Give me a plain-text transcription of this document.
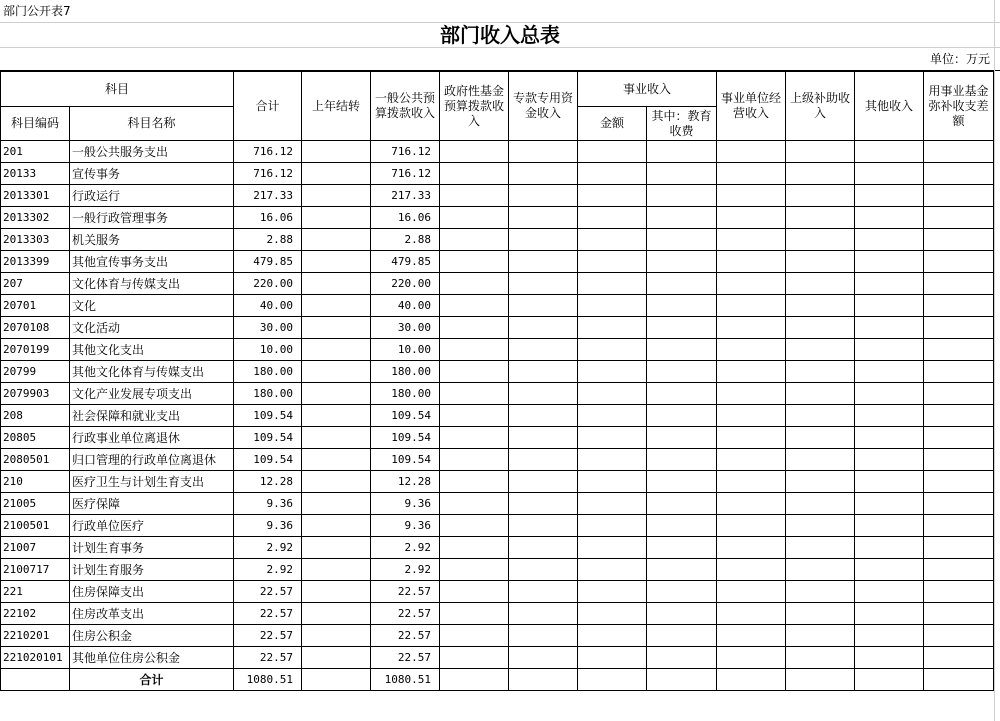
部门公开表7
部门收入总表
单位：万元
科目		合计	上年结转	一般公共预算拨款收入	政府性基金预算拨款收入	专款专用资金收入	事业收入		事业单位经营收入	上级补助收入	其他收入	用事业基金弥补收支差额
科目编码	科目名称						金额	其中：教育收费				
201	一般公共服务支出	716.12		716.12								
20133	宣传事务	716.12		716.12								
2013301	行政运行	217.33		217.33								
2013302	一般行政管理事务	16.06		16.06								
2013303	机关服务	2.88		2.88								
2013399	其他宣传事务支出	479.85		479.85								
207	文化体育与传媒支出	220.00		220.00								
20701	文化	40.00		40.00								
2070108	文化活动	30.00		30.00								
2070199	其他文化支出	10.00		10.00								
20799	其他文化体育与传媒支出	180.00		180.00								
2079903	文化产业发展专项支出	180.00		180.00								
208	社会保障和就业支出	109.54		109.54								
20805	行政事业单位离退休	109.54		109.54								
2080501	归口管理的行政单位离退休	109.54		109.54								
210	医疗卫生与计划生育支出	12.28		12.28								
21005	医疗保障	9.36		9.36								
2100501	行政单位医疗	9.36		9.36								
21007	计划生育事务	2.92		2.92								
2100717	计划生育服务	2.92		2.92								
221	住房保障支出	22.57		22.57								
22102	住房改革支出	22.57		22.57								
2210201	住房公积金	22.57		22.57								
221020101	其他单位住房公积金	22.57		22.57								
	合计	1080.51		1080.51								
